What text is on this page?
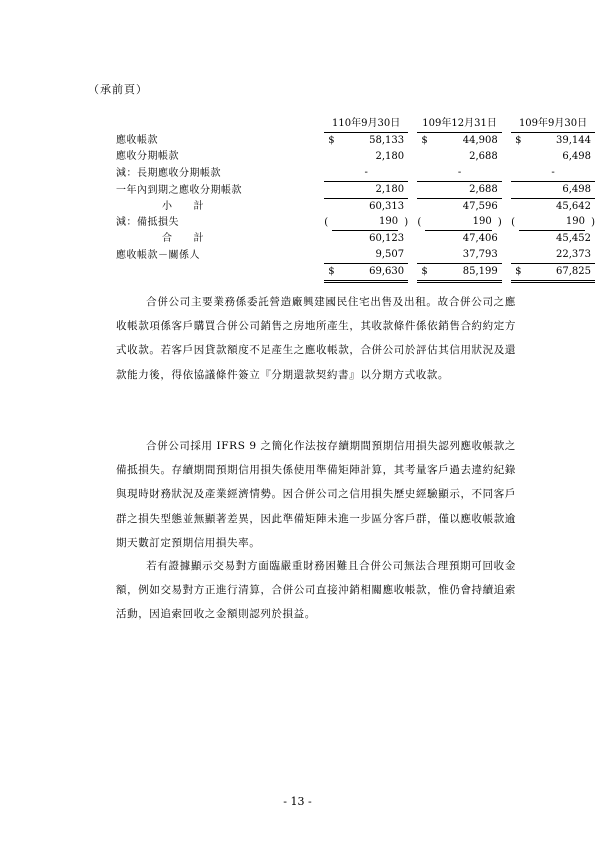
（承前頁）
	110年9月30日		109年12月31日		109年9月30日
應收帳款	$ 58,133		$ 44,908		$ 39,144

應收分期帳款	2,180		2,688		6,498

減：長期應收分期帳款	-		-		-

一年內到期之應收分期帳款	2,180		2,688		6,498

小　　計	60,313		47,596		45,642

減：備抵損失	( 190 )		( 190 )		( 190 )

合　　計	60,123		47,406		45,452

應收帳款－關係人	9,507		37,793		22,373

	$ 69,630		$ 85,199		$ 67,825
合併公司主要業務係委託營造廠興建國民住宅出售及出租。故合併公司之應收帳款項係客戶購買合併公司銷售之房地所產生，其收款條件係依銷售合約約定方式收款。若客戶因貸款額度不足產生之應收帳款，合併公司於評估其信用狀況及還款能力後，得依協議條件簽立『分期還款契約書』以分期方式收款。
合併公司採用 IFRS 9 之簡化作法按存續期間預期信用損失認列應收帳款之備抵損失。存續期間預期信用損失係使用準備矩陣計算，其考量客戶過去違約紀錄與現時財務狀況及產業經濟情勢。因合併公司之信用損失歷史經驗顯示，不同客戶群之損失型態並無顯著差異，因此準備矩陣未進一步區分客戶群，僅以應收帳款逾期天數訂定預期信用損失率。
若有證據顯示交易對方面臨嚴重財務困難且合併公司無法合理預期可回收金額，例如交易對方正進行清算，合併公司直接沖銷相關應收帳款，惟仍會持續追索活動，因追索回收之金額則認列於損益。
- 13 -
